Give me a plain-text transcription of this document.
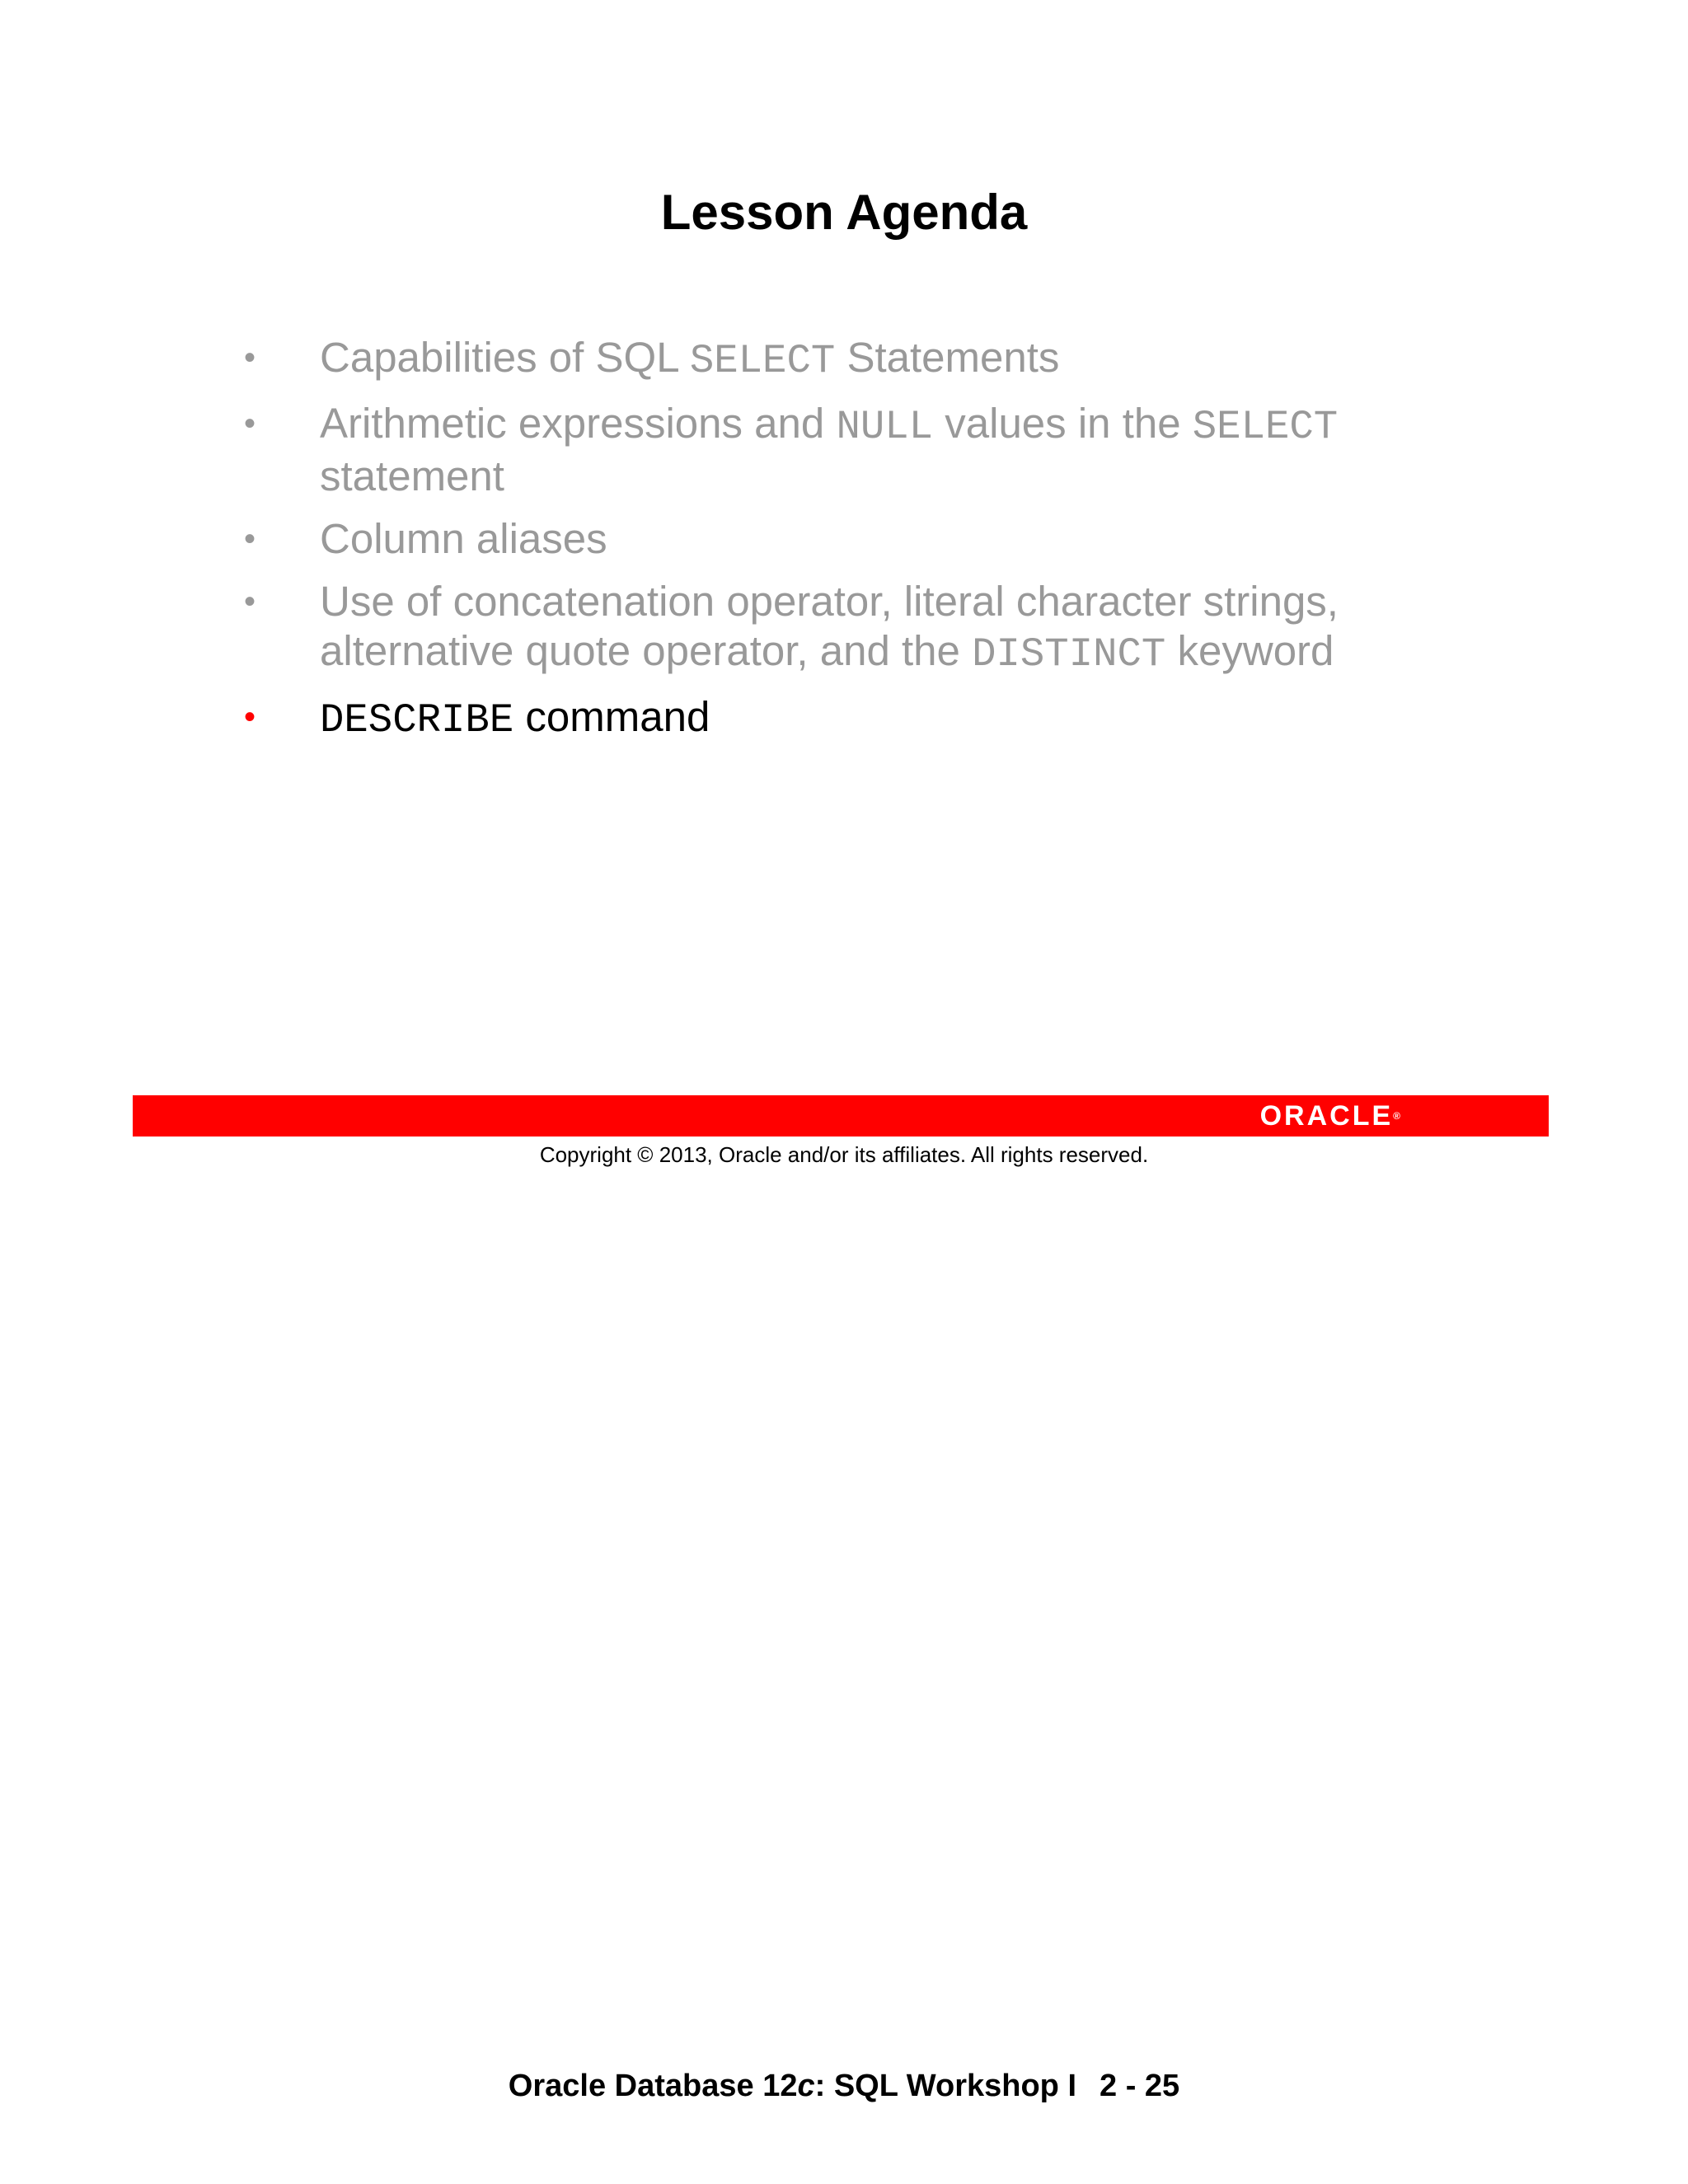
Lesson Agenda
•	Capabilities of SQL SELECT Statements
•	Arithmetic expressions and NULL values in the SELECT statement
•	Column aliases
•	Use of concatenation operator, literal character strings, alternative quote operator, and the DISTINCT keyword
•	DESCRIBE command
ORACLE®
Copyright © 2013, Oracle and/or its affiliates. All rights reserved.
Oracle Database 12c: SQL Workshop I 2 - 25
